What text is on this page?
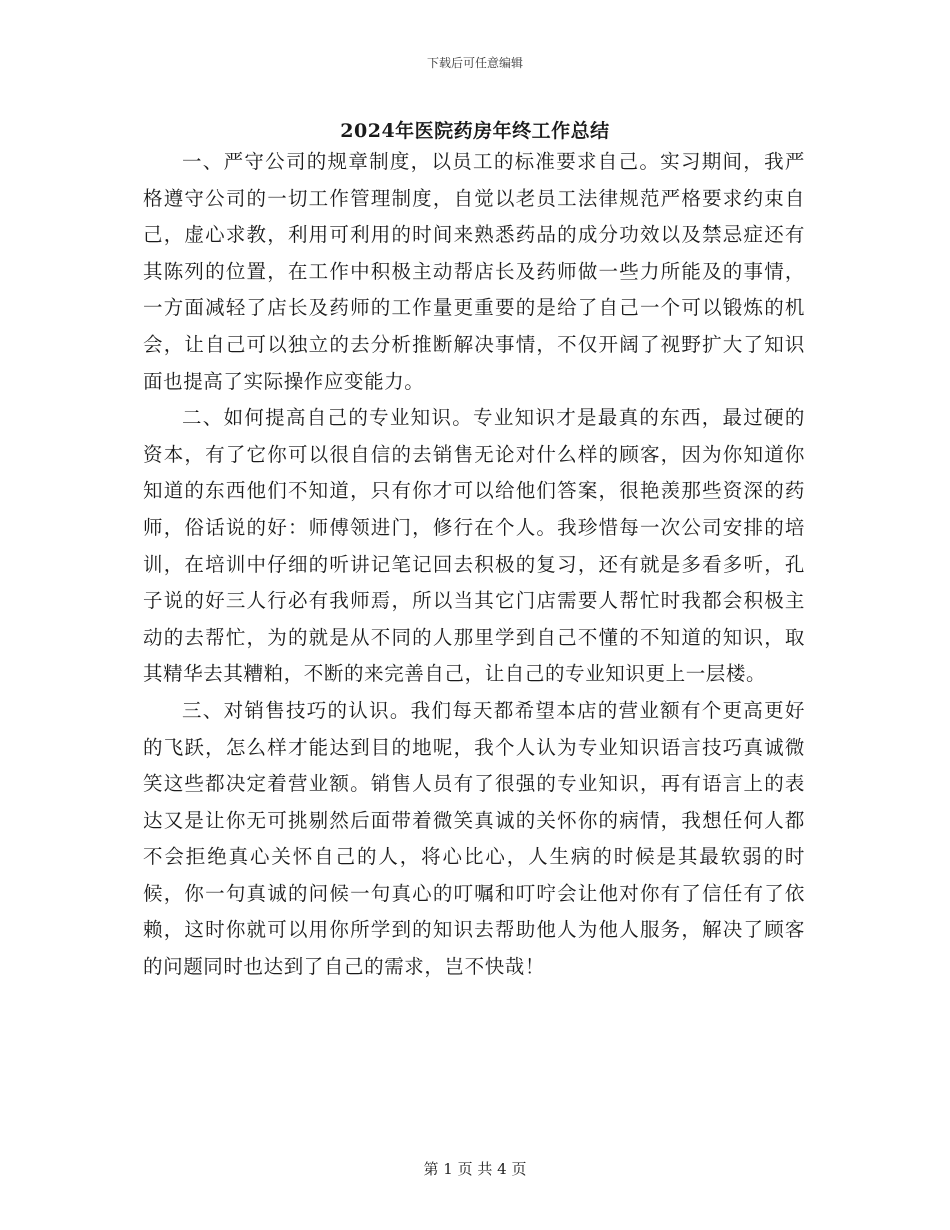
下载后可任意编辑
2024年医院药房年终工作总结

一、严守公司的规章制度，以员工的标准要求自己。实习期间，我严格遵守公司的一切工作管理制度，自觉以老员工法律规范严格要求约束自己，虚心求教，利用可利用的时间来熟悉药品的成分功效以及禁忌症还有其陈列的位置，在工作中积极主动帮店长及药师做一些力所能及的事情，一方面减轻了店长及药师的工作量更重要的是给了自己一个可以锻炼的机会，让自己可以独立的去分析推断解决事情，不仅开阔了视野扩大了知识面也提高了实际操作应变能力。

二、如何提高自己的专业知识。专业知识才是最真的东西，最过硬的资本，有了它你可以很自信的去销售无论对什么样的顾客，因为你知道你知道的东西他们不知道，只有你才可以给他们答案，很艳羡那些资深的药师，俗话说的好：师傅领进门，修行在个人。我珍惜每一次公司安排的培训，在培训中仔细的听讲记笔记回去积极的复习，还有就是多看多听，孔子说的好三人行必有我师焉，所以当其它门店需要人帮忙时我都会积极主动的去帮忙，为的就是从不同的人那里学到自己不懂的不知道的知识，取其精华去其糟粕，不断的来完善自己，让自己的专业知识更上一层楼。

三、对销售技巧的认识。我们每天都希望本店的营业额有个更高更好的飞跃，怎么样才能达到目的地呢，我个人认为专业知识语言技巧真诚微笑这些都决定着营业额。销售人员有了很强的专业知识，再有语言上的表达又是让你无可挑剔然后面带着微笑真诚的关怀你的病情，我想任何人都不会拒绝真心关怀自己的人，将心比心，人生病的时候是其最软弱的时候，你一句真诚的问候一句真心的叮嘱和叮咛会让他对你有了信任有了依赖，这时你就可以用你所学到的知识去帮助他人为他人服务，解决了顾客的问题同时也达到了自己的需求，岂不快哉！

第 1 页 共 4 页
